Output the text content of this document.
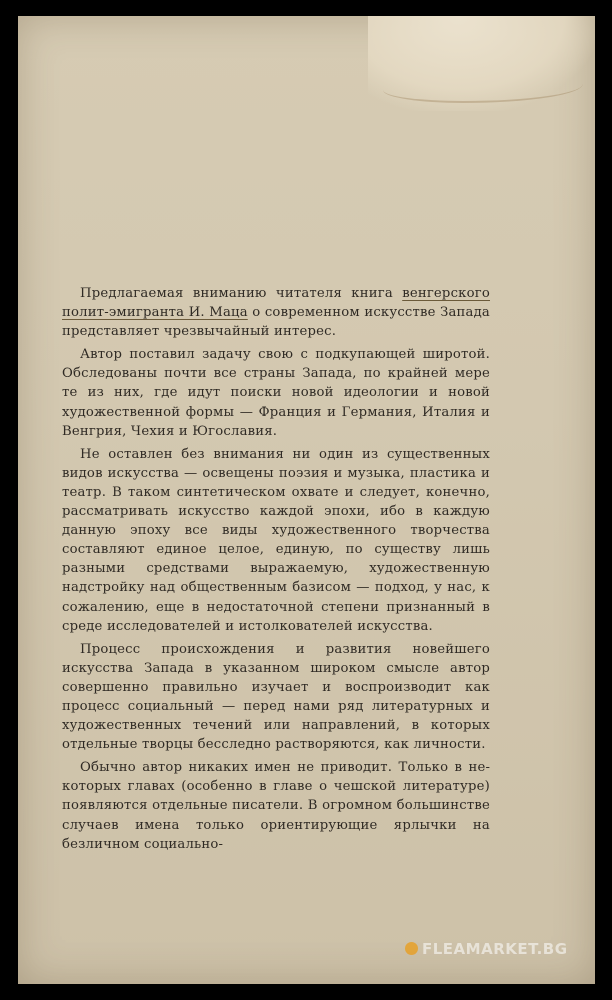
Предлагаемая вниманию читателя книга венгерского полит-эмигранта И. Маца о современном искусстве Запада представляет чрезвычайный интерес.

Автор поставил задачу свою с подкупающей широтой. Обследованы почти все страны Запада, по крайней мере те из них, где идут поиски новой идеологии и новой художественной формы — Франция и Германия, Италия и Венгрия, Чехия и Югославия.

Не оставлен без внимания ни один из существенных видов искусства — освещены поэзия и музыка, пластика и театр. В таком синтетическом охвате и следует, конечно, рассматривать искусство каждой эпохи, ибо в каждую данную эпоху все виды художественного творчества составляют единое целое, единую, по существу лишь разными средствами выражаемую, художественную надстройку над общественным базисом — подход, у нас, к сожалению, еще в недостаточной степени признанный в среде исследователей и истолкователей искусства.

Процесс происхождения и развития новейшего искусства Запада в указанном широком смысле автор совершенно правильно изучает и воспроизводит как процесс социальный — перед нами ряд литературных и художественных течений или направлений, в которых отдельные творцы бесследно растворяются, как личности.

Обычно автор никаких имен не приводит. Только в некоторых главах (особенно в главе о чешской литературе) появляются отдельные писатели. В огромном большинстве случаев имена только ориентирующие ярлычки на безличном социально-

FLEAMARKET.BG
